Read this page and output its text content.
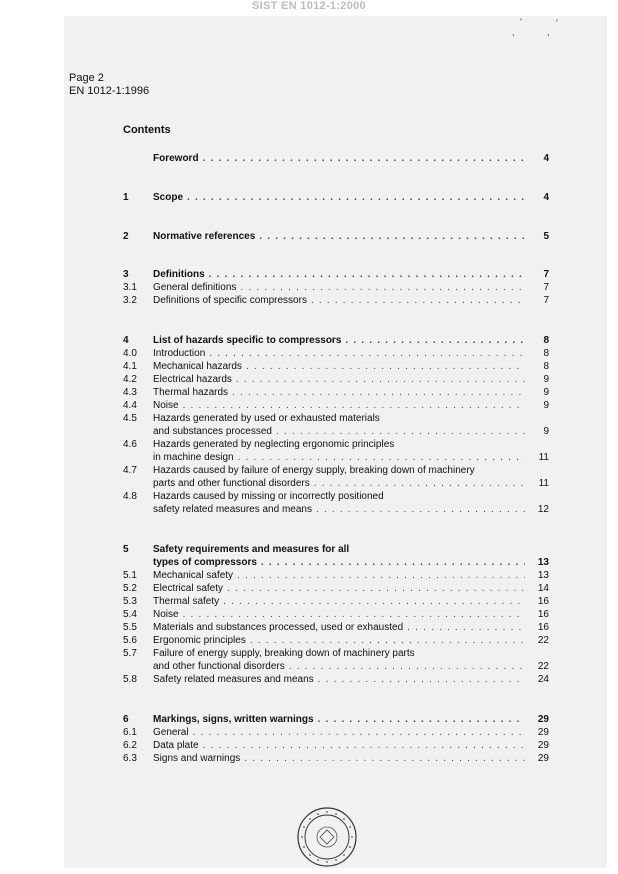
SIST EN 1012-1:2000
'	'
,	,
Page 2
EN 1012-1:1996
Contents
Foreword . . .	4
1 Scope . . .	4
2 Normative references . . .	5
3 Definitions . . .	7
3.1 General definitions . . .	7
3.2 Definitions of specific compressors . . .	7
4 List of hazards specific to compressors . . .	8
4.0 Introduction . . .	8
4.1 Mechanical hazards . . .	8
4.2 Electrical hazards . . .	9
4.3 Thermal hazards . . .	9
4.4 Noise . . .	9
4.5 Hazards generated by used or exhausted materials
and substances processed . . .	9
4.6 Hazards generated by neglecting ergonomic principles
in machine design . . .	11
4.7 Hazards caused by failure of energy supply, breaking down of machinery
parts and other functional disorders . . .	11
4.8 Hazards caused by missing or incorrectly positioned
safety related measures and means . . .	12
5 Safety requirements and measures for all
types of compressors . . .	13
5.1 Mechanical safety . . .	13
5.2 Electrical safety . . .	14
5.3 Thermal safety . . .	16
5.4 Noise . . .	16
5.5 Materials and substances processed, used or exhausted . . .	16
5.6 Ergonomic principles . . .	22
5.7 Failure of energy supply, breaking down of machinery parts
and other functional disorders . . .	22
5.8 Safety related measures and means . . .	24
6 Markings, signs, written warnings . . .	29
6.1 General . . .	29
6.2 Data plate . . .	29
6.3 Signs and warnings . . .	29
